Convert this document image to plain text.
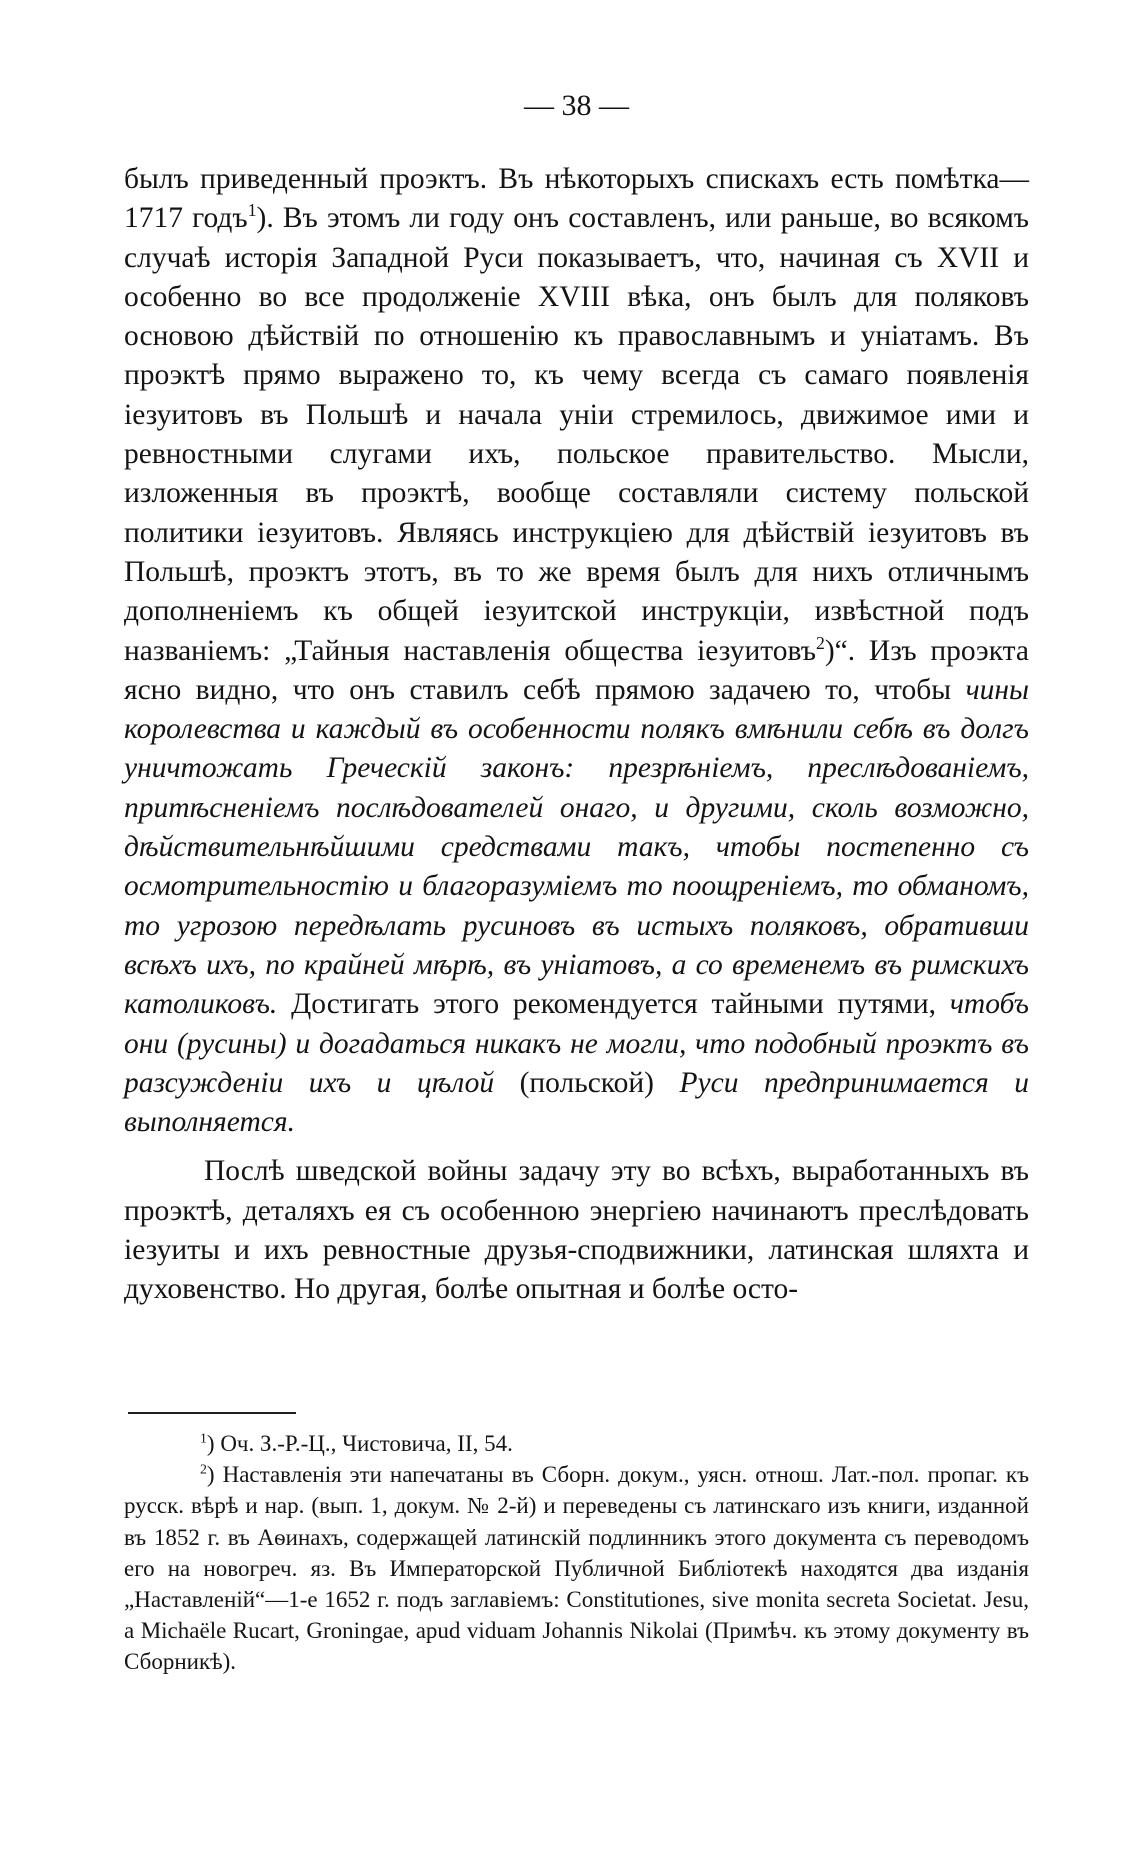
— 38 —

былъ приведенный проэктъ. Въ нѣкоторыхъ спискахъ есть помѣтка—1717 годъ$^1$). Въ этомъ ли году онъ составленъ, или раньше, во всякомъ случаѣ исторія Западной Руси показываетъ, что, начиная съ XVII и особенно во все продолженіе XVIII вѣка, онъ былъ для поляковъ основою дѣйствій по отношенію къ православнымъ и уніатамъ. Въ проэктѣ прямо выражено то, къ чему всегда съ самаго появленія іезуитовъ въ Польшѣ и начала уніи стремилось, движимое ими и ревностными слугами ихъ, польское правительство. Мысли, изложенныя въ проэктѣ, вообще составляли систему польской политики іезуитовъ. Являясь инструкціею для дѣйствій іезуитовъ въ Польшѣ, проэктъ этотъ, въ то же время былъ для нихъ отличнымъ дополненіемъ къ общей іезуитской инструкціи, извѣстной подъ названіемъ: „Тайныя наставленія общества іезуитовъ$^2$)“. Изъ проэкта ясно видно, что онъ ставилъ себѣ прямою задачею то, чтобы чины королевства и каждый въ особенности полякъ вмѣнили себѣ въ долгъ уничтожать Греческій законъ: презрѣніемъ, преслѣдованіемъ, притѣсненіемъ послѣдователей онаго, и другими, сколь возможно, дѣйствительнѣйшими средствами такъ, чтобы постепенно съ осмотрительностію и благоразуміемъ то поощреніемъ, то обманомъ, то угрозою передѣлать русиновъ въ истыхъ поляковъ, обративши всѣхъ ихъ, по крайней мѣрѣ, въ уніатовъ, а со временемъ въ римскихъ католиковъ. Достигать этого рекомендуется тайными путями, чтобъ они (русины) и догадаться никакъ не могли, что подобный проэктъ въ разсужденіи ихъ и цѣлой (польской) Руси предпринимается и выполняется.

Послѣ шведской войны задачу эту во всѣхъ, выработанныхъ въ проэктѣ, деталяхъ ея съ особенною энергіею начинаютъ преслѣдовать іезуиты и ихъ ревностные друзья-сподвижники, латинская шляхта и духовенство. Но другая, болѣе опытная и болѣе осто-

$^1$) Оч. З.-Р.-Ц., Чистовича, II, 54.

$^2$) Наставленія эти напечатаны въ Сборн. докум., уясн. отнош. Лат.-пол. пропаг. къ русск. вѣрѣ и нар. (вып. 1, докум. № 2-й) и переведены съ латинскаго изъ книги, изданной въ 1852 г. въ Аѳинахъ, содержащей латинскій подлинникъ этого документа съ переводомъ его на новогреч. яз. Въ Императорской Публичной Библіотекѣ находятся два изданія „Наставленій“—1-е 1652 г. подъ заглавіемъ: Constitutiones, sive monita secreta Societat. Jesu, a Michaële Rucart, Groningae, apud viduam Johannis Nikolai (Примѣч. къ этому документу въ Сборникѣ).
